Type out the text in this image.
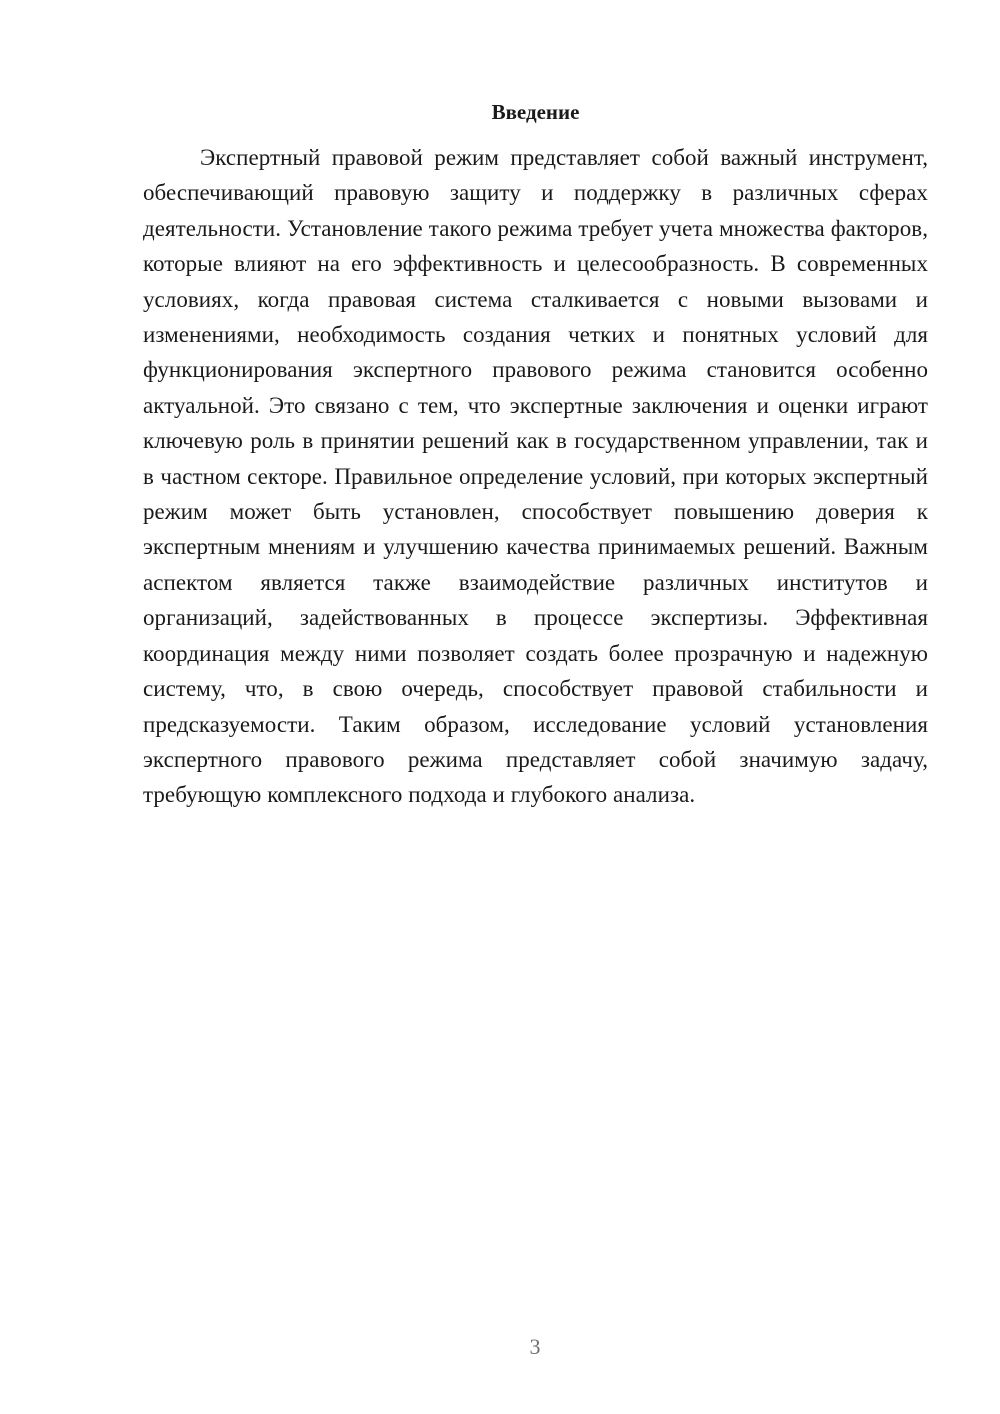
Введение

Экспертный правовой режим представляет собой важный инструмент, обеспечивающий правовую защиту и поддержку в различных сферах деятельности. Установление такого режима требует учета множества факторов, которые влияют на его эффективность и целесообразность. В современных условиях, когда правовая система сталкивается с новыми вызовами и изменениями, необходимость создания четких и понятных условий для функционирования экспертного правового режима становится особенно актуальной. Это связано с тем, что экспертные заключения и оценки играют ключевую роль в принятии решений как в государственном управлении, так и в частном секторе. Правильное определение условий, при которых экспертный режим может быть установлен, способствует повышению доверия к экспертным мнениям и улучшению качества принимаемых решений. Важным аспектом является также взаимодействие различных институтов и организаций, задействованных в процессе экспертизы. Эффективная координация между ними позволяет создать более прозрачную и надежную систему, что, в свою очередь, способствует правовой стабильности и предсказуемости. Таким образом, исследование условий установления экспертного правового режима представляет собой значимую задачу, требующую комплексного подхода и глубокого анализа.

3
